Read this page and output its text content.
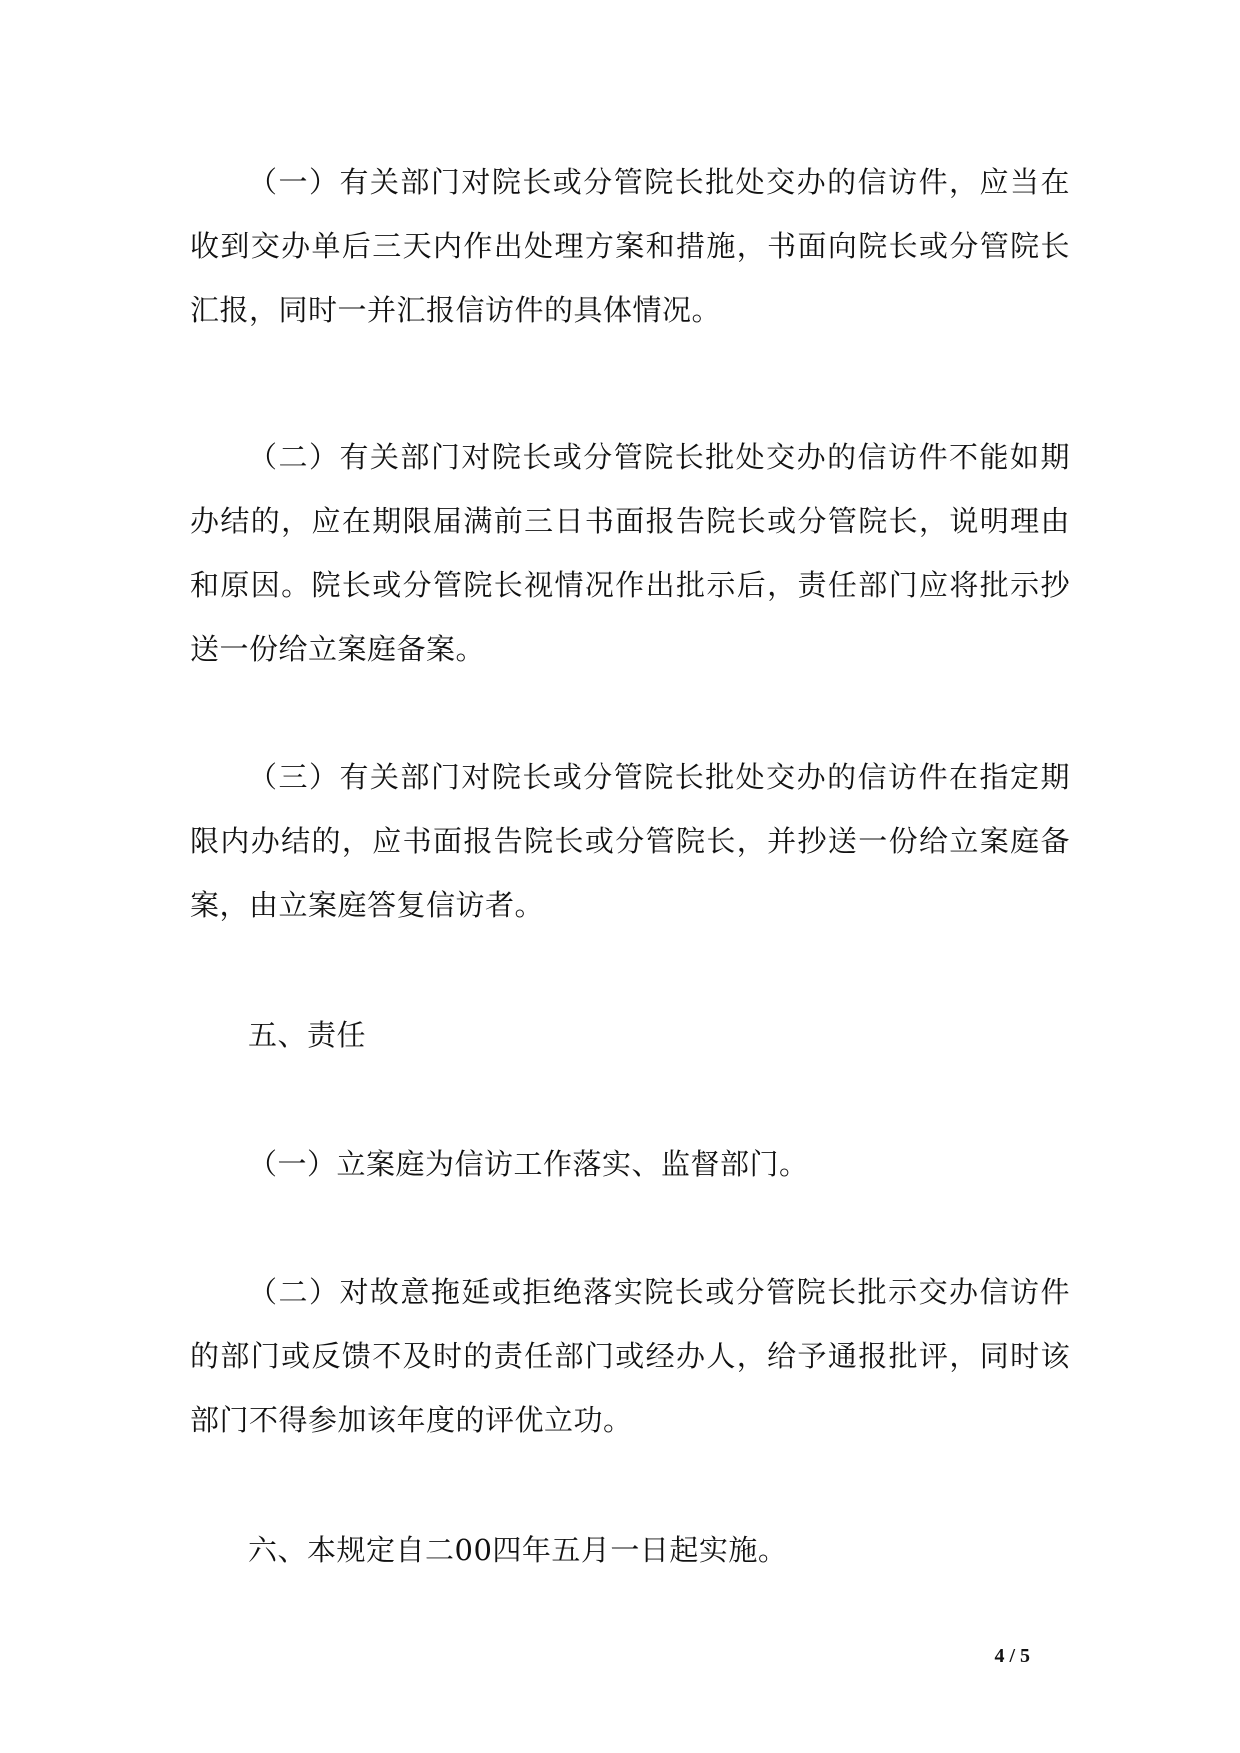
（一）有关部门对院长或分管院长批处交办的信访件，应当在收到交办单后三天内作出处理方案和措施，书面向院长或分管院长汇报，同时一并汇报信访件的具体情况。

（二）有关部门对院长或分管院长批处交办的信访件不能如期办结的，应在期限届满前三日书面报告院长或分管院长，说明理由和原因。院长或分管院长视情况作出批示后，责任部门应将批示抄送一份给立案庭备案。

（三）有关部门对院长或分管院长批处交办的信访件在指定期限内办结的，应书面报告院长或分管院长，并抄送一份给立案庭备案，由立案庭答复信访者。

五、责任

（一）立案庭为信访工作落实、监督部门。

（二）对故意拖延或拒绝落实院长或分管院长批示交办信访件的部门或反馈不及时的责任部门或经办人，给予通报批评，同时该部门不得参加该年度的评优立功。

六、本规定自二00四年五月一日起实施。

4 / 5
